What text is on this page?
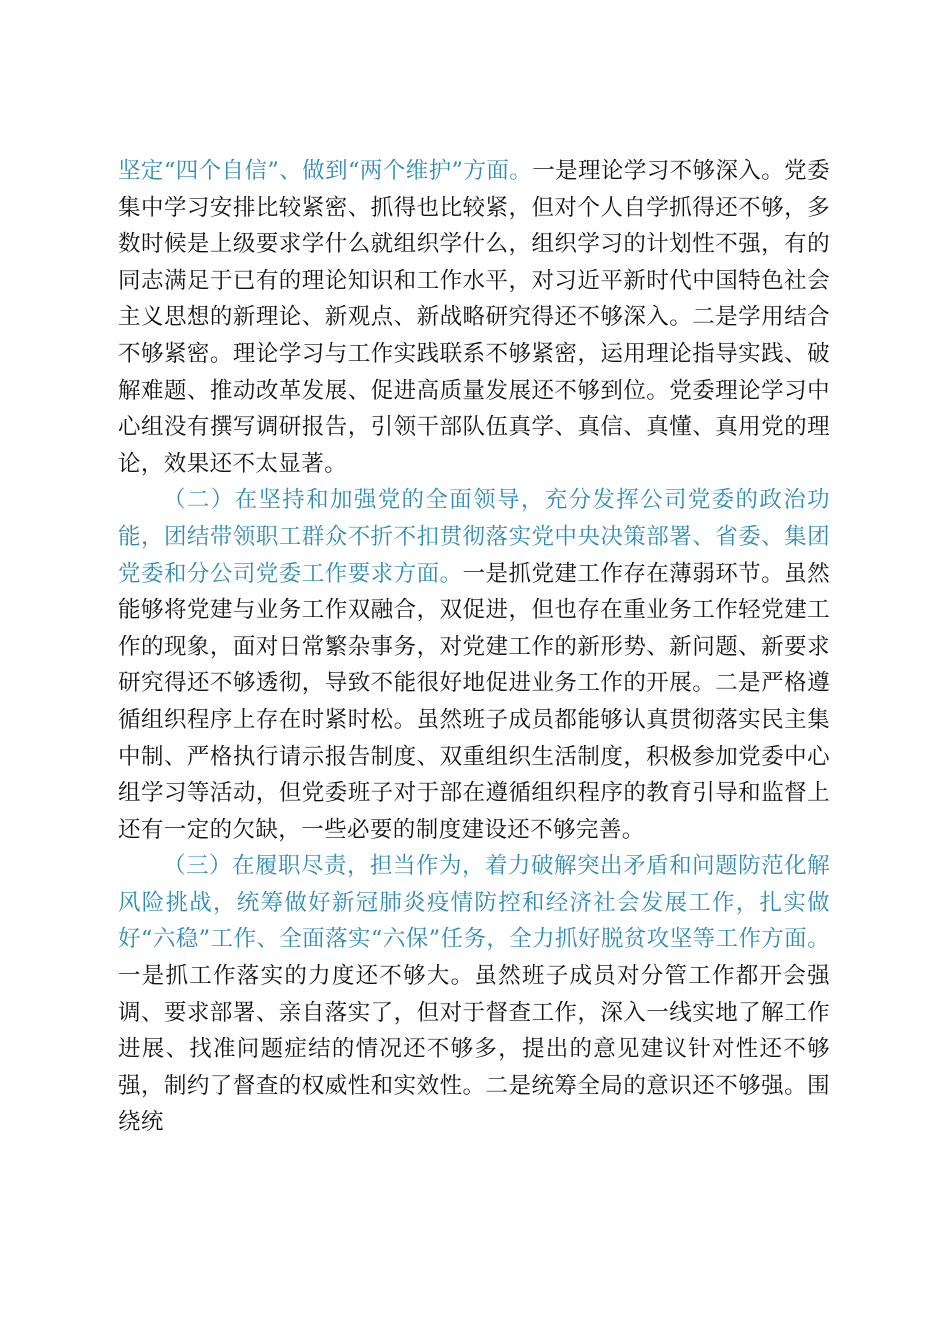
坚定“四个自信”、做到“两个维护”方面。一是理论学习不够深入。党委集中学习安排比较紧密、抓得也比较紧，但对个人自学抓得还不够，多数时候是上级要求学什么就组织学什么，组织学习的计划性不强，有的同志满足于已有的理论知识和工作水平，对习近平新时代中国特色社会主义思想的新理论、新观点、新战略研究得还不够深入。二是学用结合不够紧密。理论学习与工作实践联系不够紧密，运用理论指导实践、破解难题、推动改革发展、促进高质量发展还不够到位。党委理论学习中心组没有撰写调研报告，引领干部队伍真学、真信、真懂、真用党的理论，效果还不太显著。

（二）在坚持和加强党的全面领导，充分发挥公司党委的政治功能，团结带领职工群众不折不扣贯彻落实党中央决策部署、省委、集团党委和分公司党委工作要求方面。一是抓党建工作存在薄弱环节。虽然能够将党建与业务工作双融合，双促进，但也存在重业务工作轻党建工作的现象，面对日常繁杂事务，对党建工作的新形势、新问题、新要求研究得还不够透彻，导致不能很好地促进业务工作的开展。二是严格遵循组织程序上存在时紧时松。虽然班子成员都能够认真贯彻落实民主集中制、严格执行请示报告制度、双重组织生活制度，积极参加党委中心组学习等活动，但党委班子对于部在遵循组织程序的教育引导和监督上还有一定的欠缺，一些必要的制度建设还不够完善。

（三）在履职尽责，担当作为，着力破解突出矛盾和问题防范化解风险挑战，统筹做好新冠肺炎疫情防控和经济社会发展工作，扎实做好“六稳”工作、全面落实“六保”任务，全力抓好脱贫攻坚等工作方面。一是抓工作落实的力度还不够大。虽然班子成员对分管工作都开会强调、要求部署、亲自落实了，但对于督查工作，深入一线实地了解工作进展、找准问题症结的情况还不够多，提出的意见建议针对性还不够强，制约了督查的权威性和实效性。二是统筹全局的意识还不够强。围绕统
